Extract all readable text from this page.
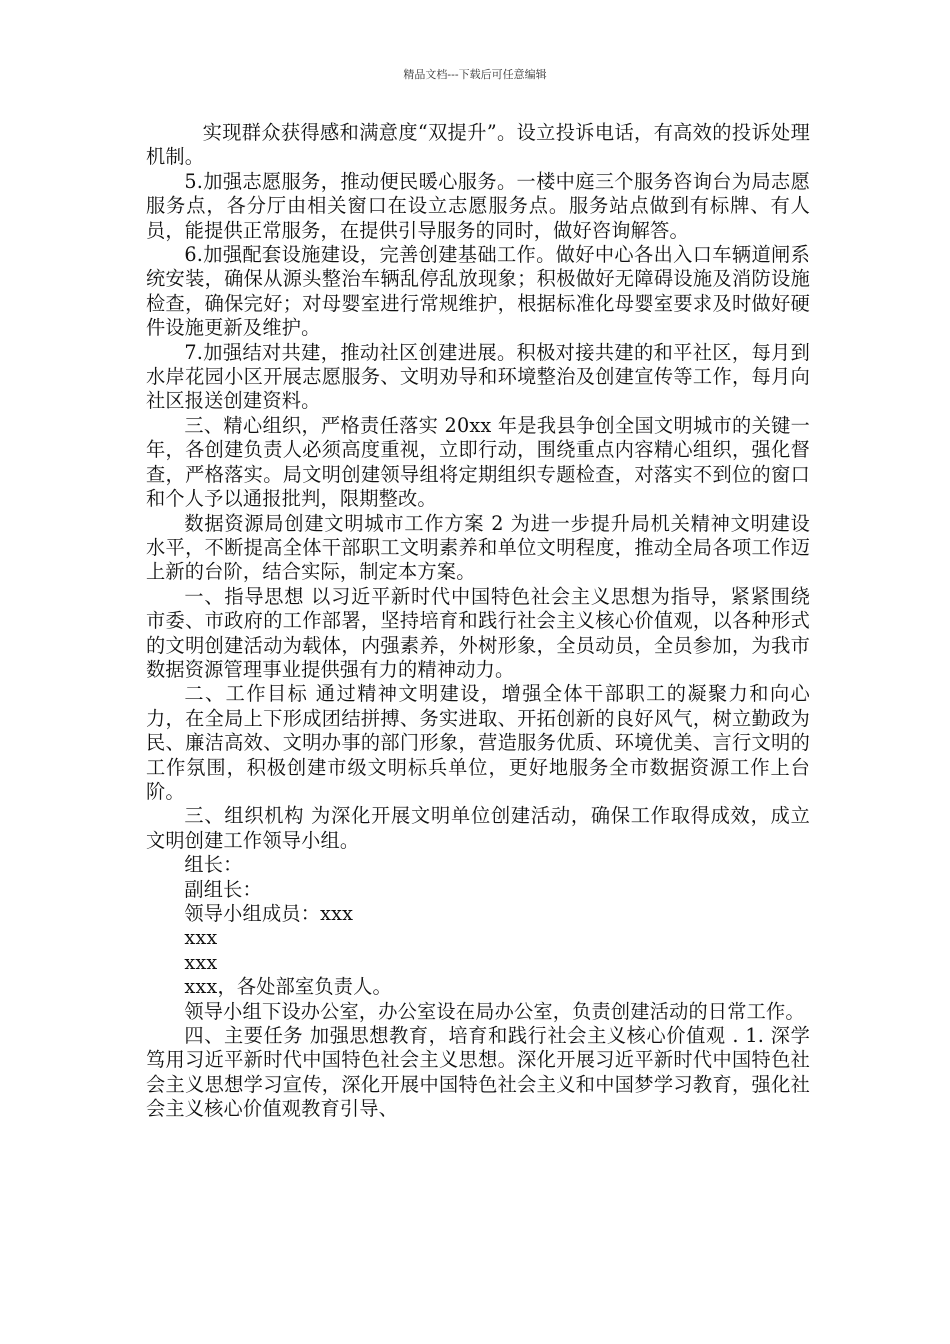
精品文档---下载后可任意编辑

实现群众获得感和满意度“双提升”。设立投诉电话，有高效的投诉处理机制。

5.加强志愿服务，推动便民暖心服务。一楼中庭三个服务咨询台为局志愿服务点，各分厅由相关窗口在设立志愿服务点。服务站点做到有标牌、有人员，能提供正常服务，在提供引导服务的同时，做好咨询解答。

6.加强配套设施建设，完善创建基础工作。做好中心各出入口车辆道闸系统安装，确保从源头整治车辆乱停乱放现象；积极做好无障碍设施及消防设施检查，确保完好；对母婴室进行常规维护，根据标准化母婴室要求及时做好硬件设施更新及维护。

7.加强结对共建，推动社区创建进展。积极对接共建的和平社区，每月到水岸花园小区开展志愿服务、文明劝导和环境整治及创建宣传等工作，每月向社区报送创建资料。

三、精心组织，严格责任落实 20xx 年是我县争创全国文明城市的关键一年，各创建负责人必须高度重视，立即行动，围绕重点内容精心组织，强化督查，严格落实。局文明创建领导组将定期组织专题检查，对落实不到位的窗口和个人予以通报批判，限期整改。

数据资源局创建文明城市工作方案 2 为进一步提升局机关精神文明建设水平，不断提高全体干部职工文明素养和单位文明程度，推动全局各项工作迈上新的台阶，结合实际，制定本方案。

一、指导思想 以习近平新时代中国特色社会主义思想为指导，紧紧围绕市委、市政府的工作部署，坚持培育和践行社会主义核心价值观，以各种形式的文明创建活动为载体，内强素养，外树形象，全员动员，全员参加，为我市数据资源管理事业提供强有力的精神动力。

二、工作目标 通过精神文明建设，增强全体干部职工的凝聚力和向心力，在全局上下形成团结拼搏、务实进取、开拓创新的良好风气，树立勤政为民、廉洁高效、文明办事的部门形象，营造服务优质、环境优美、言行文明的工作氛围，积极创建市级文明标兵单位，更好地服务全市数据资源工作上台阶。

三、组织机构 为深化开展文明单位创建活动，确保工作取得成效，成立文明创建工作领导小组。

组长：

副组长：

领导小组成员：xxx

xxx

xxx

xxx，各处部室负责人。

领导小组下设办公室，办公室设在局办公室，负责创建活动的日常工作。

四、主要任务 加强思想教育，培育和践行社会主义核心价值观 . 1. 深学笃用习近平新时代中国特色社会主义思想。深化开展习近平新时代中国特色社会主义思想学习宣传，深化开展中国特色社会主义和中国梦学习教育，强化社会主义核心价值观教育引导、
